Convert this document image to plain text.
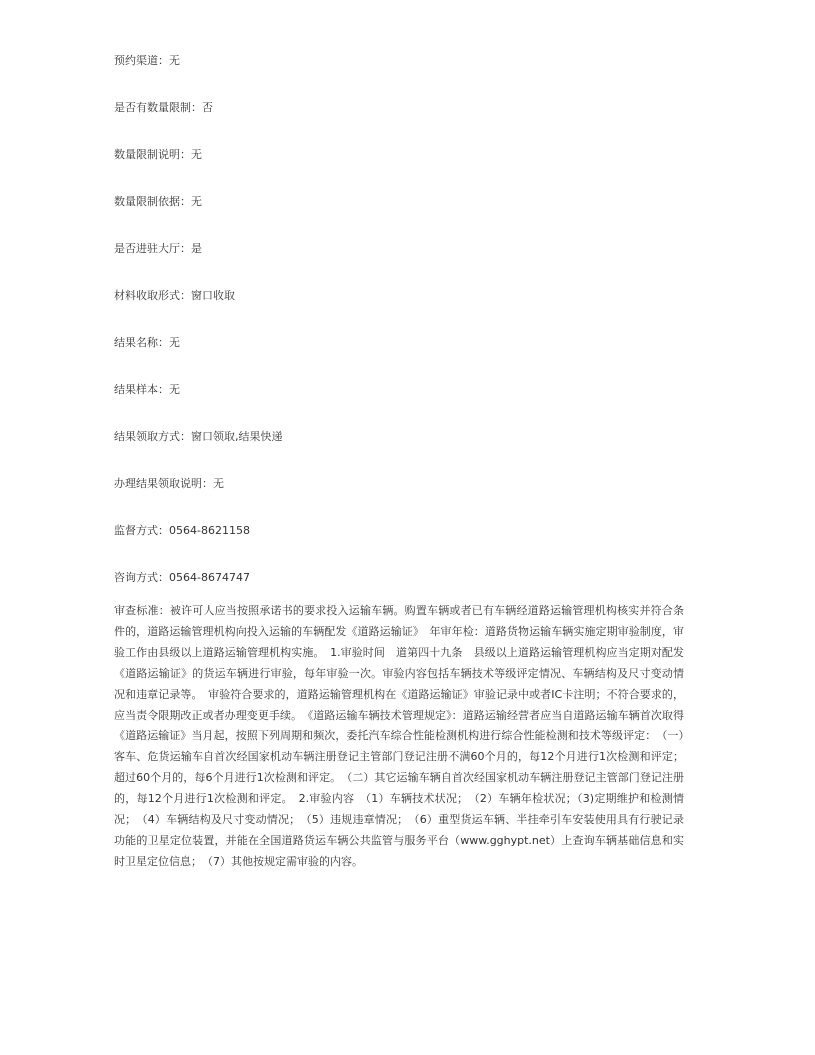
预约渠道：无

是否有数量限制：否

数量限制说明：无

数量限制依据：无

是否进驻大厅：是

材料收取形式：窗口收取

结果名称：无

结果样本：无

结果领取方式：窗口领取,结果快递

办理结果领取说明：无

监督方式：0564-8621158

咨询方式：0564-8674747

审查标准：被许可人应当按照承诺书的要求投入运输车辆。购置车辆或者已有车辆经道路运输管理机构核实并符合条件的，道路运输管理机构向投入运输的车辆配发《道路运输证》　年审年检：道路货物运输车辆实施定期审验制度，审验工作由县级以上道路运输管理机构实施。　1.审验时间　道第四十九条　县级以上道路运输管理机构应当定期对配发《道路运输证》的货运车辆进行审验，每年审验一次。审验内容包括车辆技术等级评定情况、车辆结构及尺寸变动情况和违章记录等。　审验符合要求的，道路运输管理机构在《道路运输证》审验记录中或者IC卡注明；不符合要求的，应当责令限期改正或者办理变更手续。　《道路运输车辆技术管理规定》：道路运输经营者应当自道路运输车辆首次取得《道路运输证》当月起，按照下列周期和频次，委托汽车综合性能检测机构进行综合性能检测和技术等级评定：　（一）客车、危货运输车自首次经国家机动车辆注册登记主管部门登记注册不满60个月的，每12个月进行1次检测和评定；超过60个月的，每6个月进行1次检测和评定。　（二）其它运输车辆自首次经国家机动车辆注册登记主管部门登记注册的，每12个月进行1次检测和评定。　2.审验内容　（1）车辆技术状况；　（2）车辆年检状况；（3)定期维护和检测情况；　（4）车辆结构及尺寸变动情况；　（5）违规违章情况；　（6）重型货运车辆、半挂牵引车安装使用具有行驶记录功能的卫星定位装置，并能在全国道路货运车辆公共监管与服务平台（www.gghypt.net）上查询车辆基础信息和实时卫星定位信息；　（7）其他按规定需审验的内容。
